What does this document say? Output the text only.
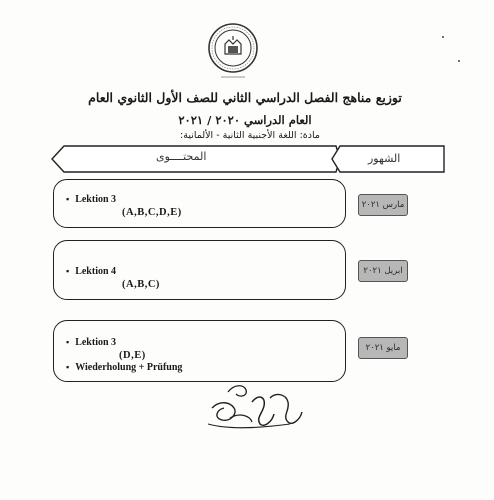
توزيع مناهج الفصل الدراسي الثاني للصف الأول الثانوي العام
العام الدراسي ٢٠٢٠ / ٢٠٢١
مادة: اللغة الأجنبية الثانية - الألمانية:
المحتــــوى	الشهور
▪ Lektion 3
(A,B,C,D,E)
مارس ٢٠٢١
▪ Lektion 4
(A,B,C)
ابريل ٢٠٢١
▪ Lektion 3
(D,E)
▪ Wiederholung + Prüfung
مايو ٢٠٢١
